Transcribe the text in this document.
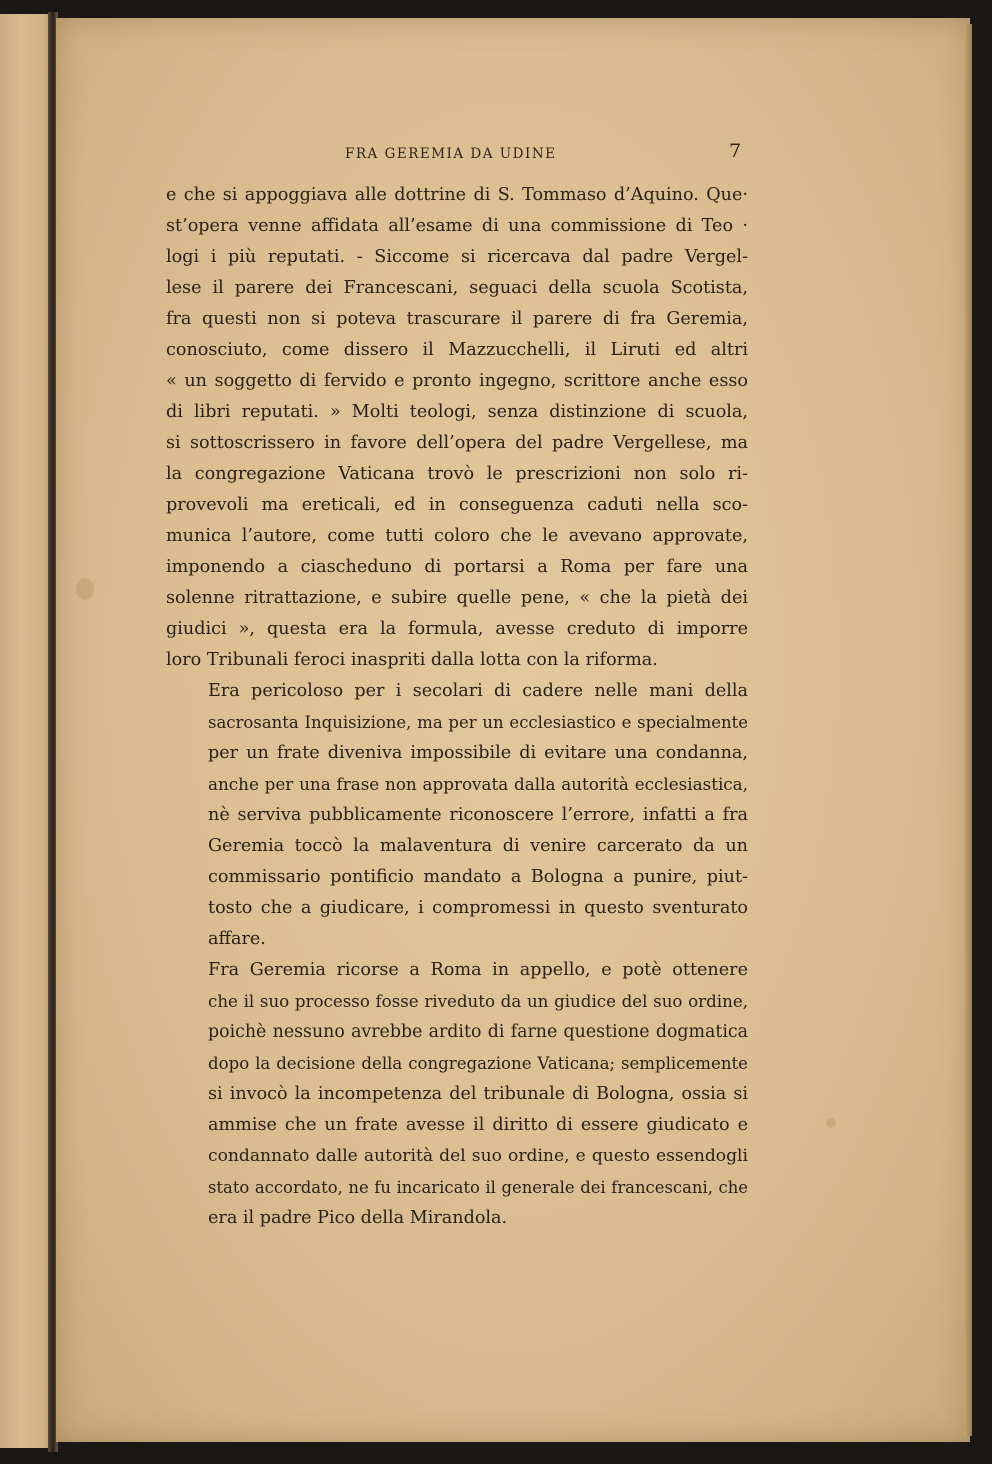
FRA GEREMIA DA UDINE	7

e che si appoggiava alle dottrine di S. Tommaso d’Aquino. Que·
st’opera venne affidata all’esame di una commissione di Teo ·
logi i più reputati. - Siccome si ricercava dal padre Vergel-
lese il parere dei Francescani, seguaci della scuola Scotista,
fra questi non si poteva trascurare il parere di fra Geremia,
conosciuto, come dissero il Mazzucchelli, il Liruti ed altri
« un soggetto di fervido e pronto ingegno, scrittore anche esso
di libri reputati. » Molti teologi, senza distinzione di scuola,
si sottoscrissero in favore dell’opera del padre Vergellese, ma
la congregazione Vaticana trovò le prescrizioni non solo ri-
provevoli ma ereticali, ed in conseguenza caduti nella sco-
munica l’autore, come tutti coloro che le avevano approvate,
imponendo a ciascheduno di portarsi a Roma per fare una
solenne ritrattazione, e subire quelle pene, « che la pietà dei
giudici », questa era la formula, avesse creduto di imporre
loro Tribunali feroci inaspriti dalla lotta con la riforma.

Era pericoloso per i secolari di cadere nelle mani della
sacrosanta Inquisizione, ma per un ecclesiastico e specialmente
per un frate diveniva impossibile di evitare una condanna,
anche per una frase non approvata dalla autorità ecclesiastica,
nè serviva pubblicamente riconoscere l’errore, infatti a fra
Geremia toccò la malaventura di venire carcerato da un
commissario pontificio mandato a Bologna a punire, piut-
tosto che a giudicare, i compromessi in questo sventurato
affare.

Fra Geremia ricorse a Roma in appello, e potè ottenere
che il suo processo fosse riveduto da un giudice del suo ordine,
poichè nessuno avrebbe ardito di farne questione dogmatica
dopo la decisione della congregazione Vaticana; semplicemente
si invocò la incompetenza del tribunale di Bologna, ossia si
ammise che un frate avesse il diritto di essere giudicato e
condannato dalle autorità del suo ordine, e questo essendogli
stato accordato, ne fu incaricato il generale dei francescani, che
era il padre Pico della Mirandola.
